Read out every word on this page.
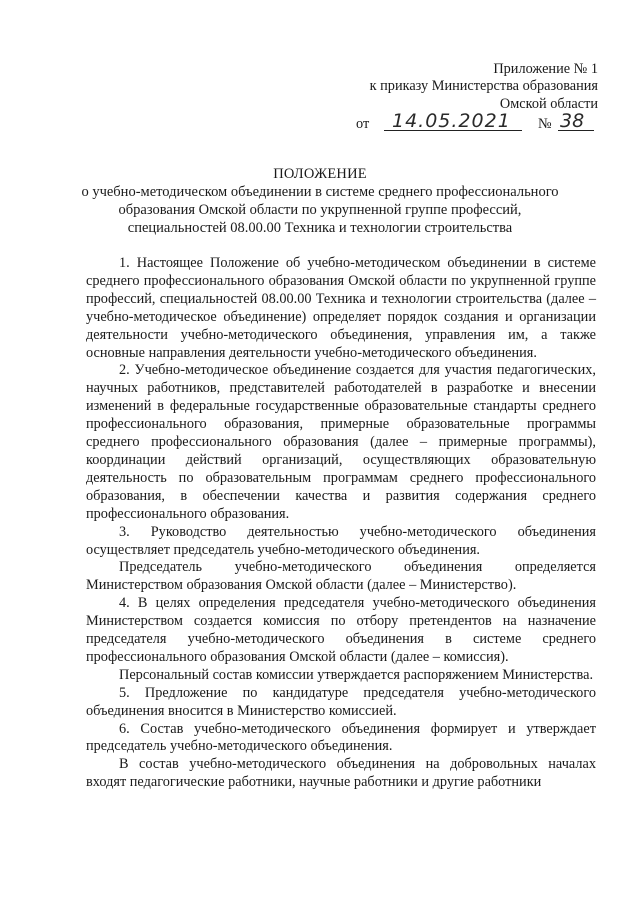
Приложение № 1
к приказу Министерства образования
Омской области
от	14.05.2021	№ 38
ПОЛОЖЕНИЕ
о учебно-методическом объединении в системе среднего профессионального
образования Омской области по укрупненной группе профессий,
специальностей 08.00.00 Техника и технологии строительства

1. Настоящее Положение об учебно-методическом объединении в системе среднего профессионального образования Омской области по укрупненной группе профессий, специальностей 08.00.00 Техника и технологии строительства (далее – учебно-методическое объединение) определяет порядок создания и организации деятельности учебно-методического объединения, управления им, а также основные направления деятельности учебно-методического объединения.

2. Учебно-методическое объединение создается для участия педагогических, научных работников, представителей работодателей в разработке и внесении изменений в федеральные государственные образовательные стандарты среднего профессионального образования, примерные образовательные программы среднего профессионального образования (далее – примерные программы), координации действий организаций, осуществляющих образовательную деятельность по образовательным программам среднего профессионального образования, в обеспечении качества и развития содержания среднего профессионального образования.

3. Руководство деятельностью учебно-методического объединения осуществляет председатель учебно-методического объединения.

Председатель учебно-методического объединения определяется Министерством образования Омской области (далее – Министерство).

4. В целях определения председателя учебно-методического объединения Министерством создается комиссия по отбору претендентов на назначение председателя учебно-методического объединения в системе среднего профессионального образования Омской области (далее – комиссия).

Персональный состав комиссии утверждается распоряжением Министерства.

5. Предложение по кандидатуре председателя учебно-методического объединения вносится в Министерство комиссией.

6. Состав учебно-методического объединения формирует и утверждает председатель учебно-методического объединения.

В состав учебно-методического объединения на добровольных началах входят педагогические работники, научные работники и другие работники
